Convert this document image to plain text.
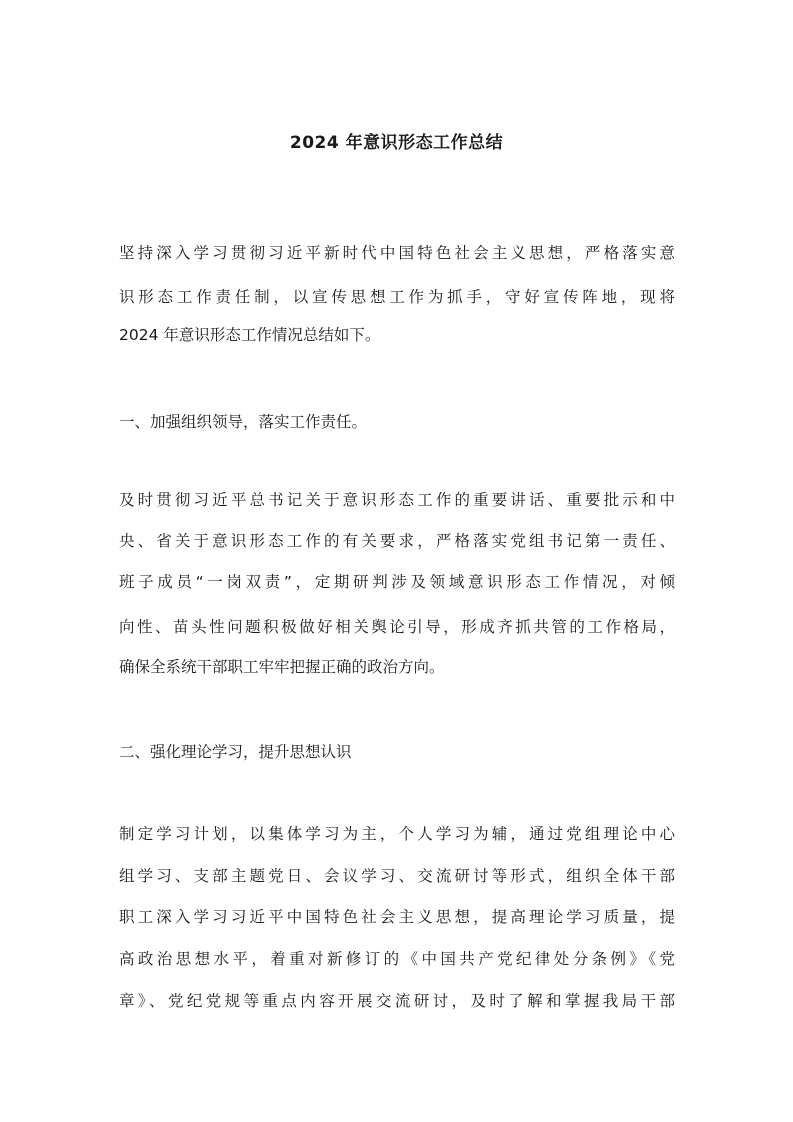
2024 年意识形态工作总结

坚持深入学习贯彻习近平新时代中国特色社会主义思想，严格落实意

识形态工作责任制，以宣传思想工作为抓手，守好宣传阵地，现将

2024 年意识形态工作情况总结如下。

一、加强组织领导，落实工作责任。

及时贯彻习近平总书记关于意识形态工作的重要讲话、重要批示和中

央、省关于意识形态工作的有关要求，严格落实党组书记第一责任、

班子成员“一岗双责”，定期研判涉及领域意识形态工作情况，对倾

向性、苗头性问题积极做好相关舆论引导，形成齐抓共管的工作格局，

确保全系统干部职工牢牢把握正确的政治方向。

二、强化理论学习，提升思想认识

制定学习计划，以集体学习为主，个人学习为辅，通过党组理论中心

组学习、支部主题党日、会议学习、交流研讨等形式，组织全体干部

职工深入学习习近平中国特色社会主义思想，提高理论学习质量，提

高政治思想水平，着重对新修订的《中国共产党纪律处分条例》《党

章》、党纪党规等重点内容开展交流研讨，及时了解和掌握我局干部
